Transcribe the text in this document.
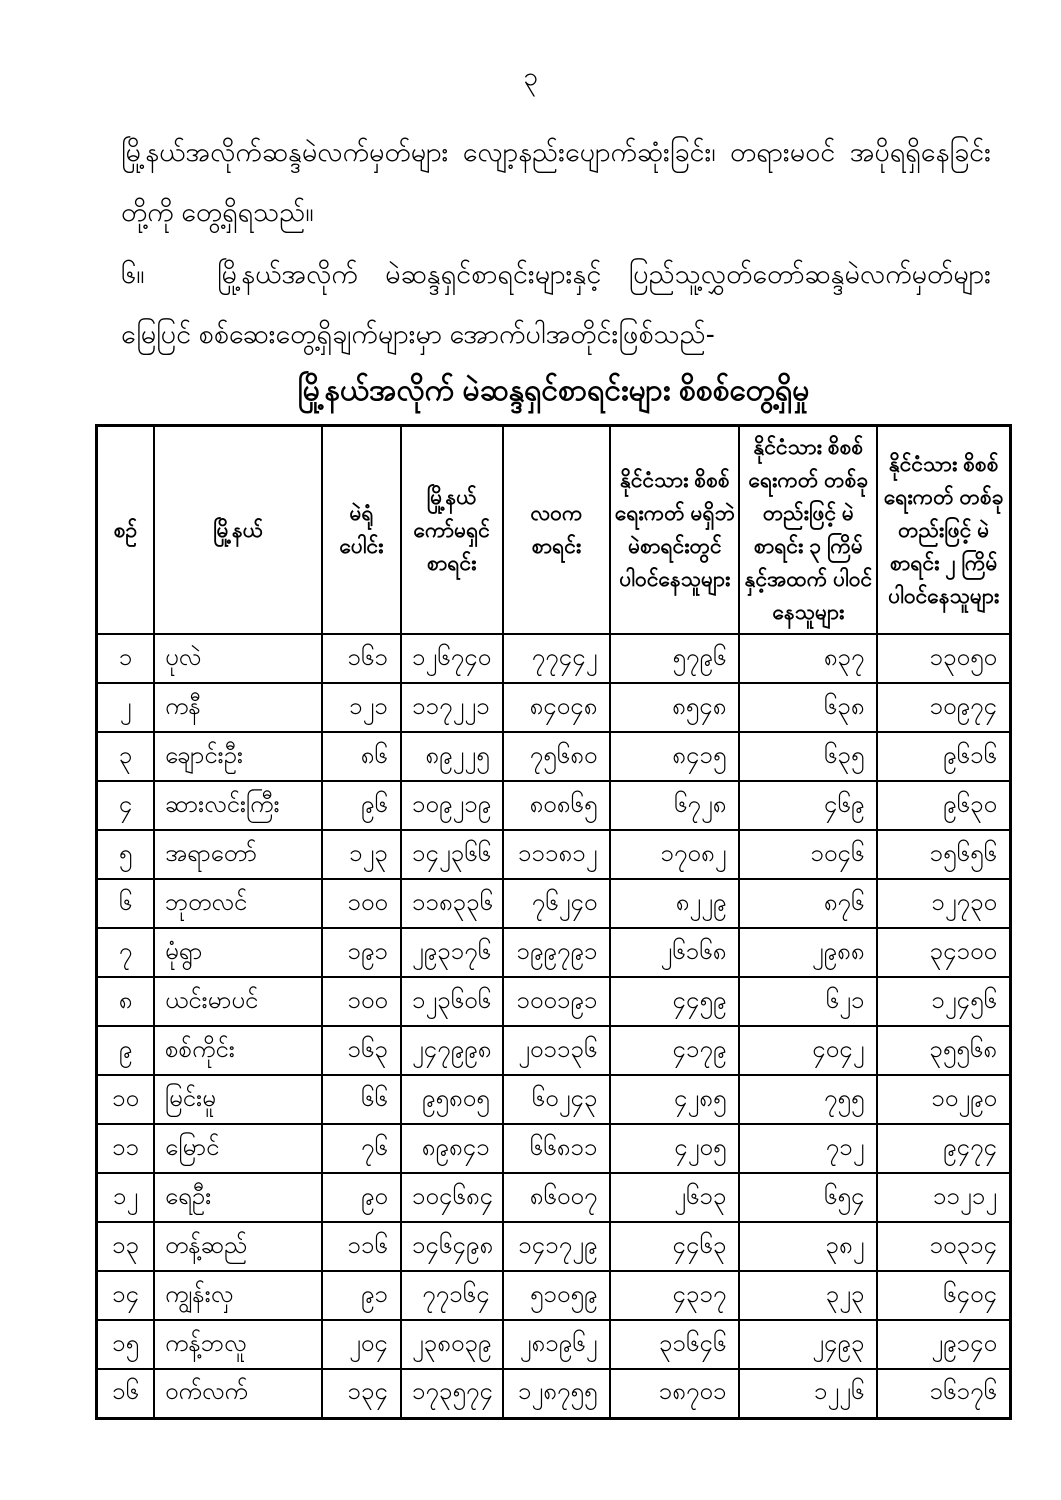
၃

မြို့နယ်အလိုက်ဆန္ဒမဲလက်မှတ်များ လျော့နည်းပျောက်ဆုံးခြင်း၊ တရားမဝင် အပိုရရှိနေခြင်းတို့ကို တွေ့ရှိရသည်။

၆။	မြို့နယ်အလိုက် မဲဆန္ဒရှင်စာရင်းများနှင့် ပြည်သူ့လွှတ်တော်ဆန္ဒမဲလက်မှတ်များ မြေပြင် စစ်ဆေးတွေ့ရှိချက်များမှာ အောက်ပါအတိုင်းဖြစ်သည်-

မြို့နယ်အလိုက် မဲဆန္ဒရှင်စာရင်းများ စိစစ်တွေ့ရှိမှု
စဉ်	မြို့နယ်	မဲရုံ ပေါင်း	မြို့နယ် ကော်မရှင် စာရင်း	လဝက စာရင်း	နိုင်ငံသား စိစစ်ရေးကတ် မရှိဘဲ မဲစာရင်းတွင် ပါဝင်နေသူများ	နိုင်ငံသား စိစစ်ရေးကတ် တစ်ခုတည်းဖြင့် မဲစာရင်း ၃ ကြိမ် နှင့်အထက် ပါဝင်နေသူများ	နိုင်ငံသား စိစစ်ရေးကတ် တစ်ခုတည်းဖြင့် မဲစာရင်း ၂ ကြိမ် ပါဝင်နေသူများ
၁	ပုလဲ	၁၆၁	၁၂၆၇၄၀	၇၇၄၄၂	၅၇၉၆	၈၃၇	၁၃၀၅၀
၂	ကနီ	၁၂၁	၁၁၇၂၂၁	၈၄၀၄၈	၈၅၄၈	၆၃၈	၁၀၉၇၄
၃	ချောင်းဦး	၈၆	၈၉၂၂၅	၇၅၆၈၀	၈၄၁၅	၆၃၅	၉၆၁၆
၄	ဆားလင်းကြီး	၉၆	၁၀၉၂၁၉	၈၀၈၆၅	၆၇၂၈	၄၆၉	၉၆၃၀
၅	အရာတော်	၁၂၃	၁၄၂၃၆၆	၁၁၁၈၁၂	၁၇၀၈၂	၁၀၄၆	၁၅၆၅၆
၆	ဘုတလင်	၁၀၀	၁၁၈၃၃၆	၇၆၂၄၀	၈၂၂၉	၈၇၆	၁၂၇၃၀
၇	မုံရွာ	၁၉၁	၂၉၃၁၇၆	၁၉၉၇၉၁	၂၆၁၆၈	၂၉၈၈	၃၄၁၀၀
၈	ယင်းမာပင်	၁၀၀	၁၂၃၆၀၆	၁၀၀၁၉၁	၄၄၅၉	၆၂၁	၁၂၄၅၆
၉	စစ်ကိုင်း	၁၆၃	၂၄၇၉၉၈	၂၀၁၁၃၆	၄၁၇၉	၄၀၄၂	၃၅၅၆၈
၁၀	မြင်းမူ	၆၆	၉၅၈၀၅	၆၀၂၄၃	၄၂၈၅	၇၅၅	၁၀၂၉၀
၁၁	မြောင်	၇၆	၈၉၈၄၁	၆၆၈၁၁	၄၂၀၅	၇၁၂	၉၄၇၄
၁၂	ရေဦး	၉၀	၁၀၄၆၈၄	၈၆၀၀၇	၂၆၁၃	၆၅၄	၁၁၂၁၂
၁၃	တန့်ဆည်	၁၁၆	၁၄၆၄၉၈	၁၄၁၇၂၉	၄၄၆၃	၃၈၂	၁၀၃၁၄
၁၄	ကျွန်းလှ	၉၁	၇၇၁၆၄	၅၁၀၅၉	၄၃၁၇	၃၂၃	၆၄၀၄
၁၅	ကန့်ဘလူ	၂၀၄	၂၃၈၀၃၉	၂၈၁၉၆၂	၃၁၆၄၆	၂၄၉၃	၂၉၁၄၀
၁၆	ဝက်လက်	၁၃၄	၁၇၃၅၇၄	၁၂၈၇၅၅	၁၈၇၀၁	၁၂၂၆	၁၆၁၇၆
